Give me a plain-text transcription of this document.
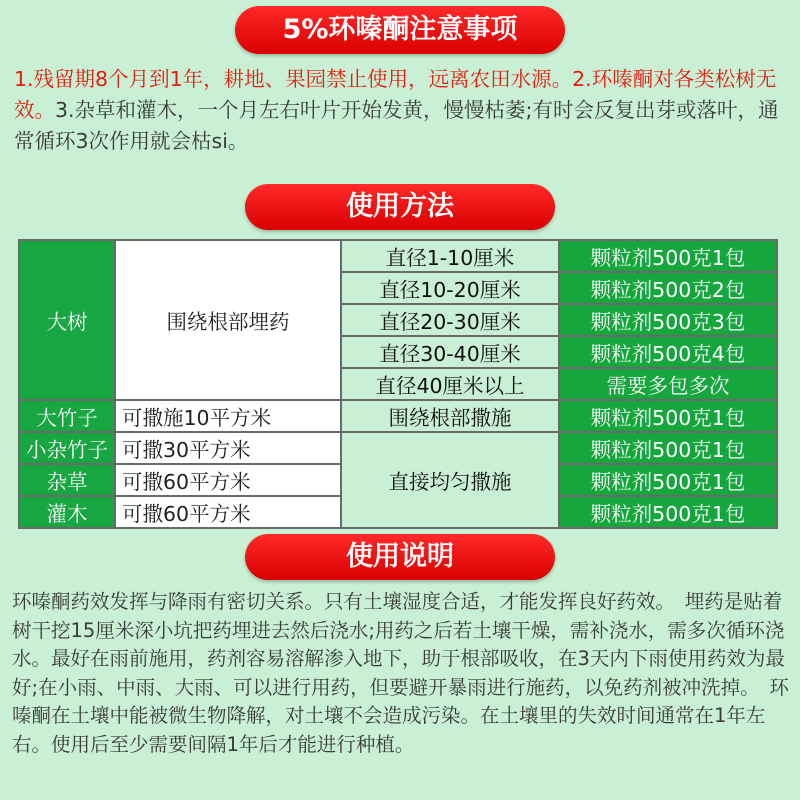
5%环嗪酮注意事项

1.残留期8个月到1年，耕地、果园禁止使用，远离农田水源。2.环嗪酮对各类松树无效。3.杂草和灌木，一个月左右叶片开始发黄，慢慢枯萎;有时会反复出芽或落叶，通常循环3次作用就会枯si。

使用方法
大树	围绕根部埋药	直径1-10厘米	颗粒剂500克1包
		直径10-20厘米	颗粒剂500克2包
		直径20-30厘米	颗粒剂500克3包
		直径30-40厘米	颗粒剂500克4包
		直径40厘米以上	需要多包多次
大竹子	可撒施10平方米	围绕根部撒施	颗粒剂500克1包
小杂竹子	可撒30平方米	直接均匀撒施	颗粒剂500克1包
杂草	可撒60平方米		颗粒剂500克1包
灌木	可撒60平方米		颗粒剂500克1包
使用说明

环嗪酮药效发挥与降雨有密切关系。只有土壤湿度合适，才能发挥良好药效。　埋药是贴着树干挖15厘米深小坑把药埋进去然后浇水;用药之后若土壤干燥，需补浇水，需多次循环浇水。最好在雨前施用，药剂容易溶解渗入地下，助于根部吸收，在3天内下雨使用药效为最好;在小雨、中雨、大雨、可以进行用药，但要避开暴雨进行施药，以免药剂被冲洗掉。　环嗪酮在土壤中能被微生物降解，对土壤不会造成污染。在土壤里的失效时间通常在1年左右。使用后至少需要间隔1年后才能进行种植。
